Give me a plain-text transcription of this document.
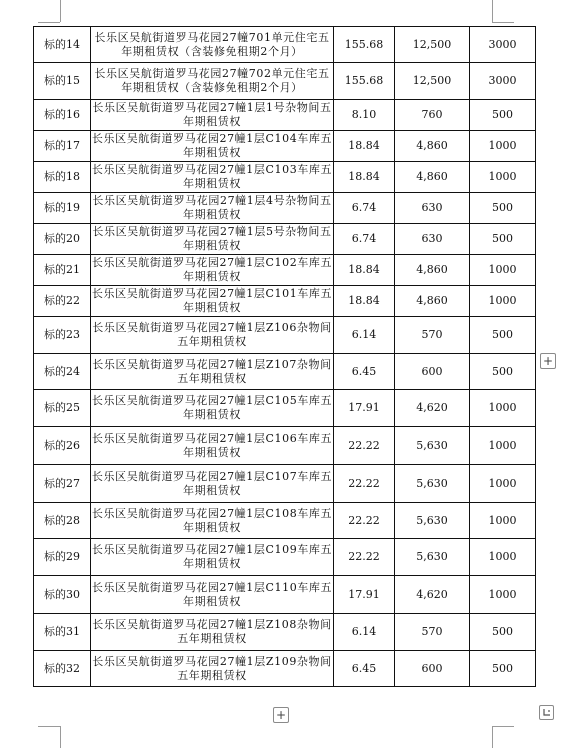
标的14	长乐区吴航街道罗马花园27幢701单元住宅五年期租赁权（含装修免租期2个月）	155.68	12,500	3000
标的15	长乐区吴航街道罗马花园27幢702单元住宅五年期租赁权（含装修免租期2个月）	155.68	12,500	3000
标的16	长乐区吴航街道罗马花园27幢1层1号杂物间五年期租赁权	8.10	760	500
标的17	长乐区吴航街道罗马花园27幢1层C104车库五年期租赁权	18.84	4,860	1000
标的18	长乐区吴航街道罗马花园27幢1层C103车库五年期租赁权	18.84	4,860	1000
标的19	长乐区吴航街道罗马花园27幢1层4号杂物间五年期租赁权	6.74	630	500
标的20	长乐区吴航街道罗马花园27幢1层5号杂物间五年期租赁权	6.74	630	500
标的21	长乐区吴航街道罗马花园27幢1层C102车库五年期租赁权	18.84	4,860	1000
标的22	长乐区吴航街道罗马花园27幢1层C101车库五年期租赁权	18.84	4,860	1000
标的23	长乐区吴航街道罗马花园27幢1层Z106杂物间五年期租赁权	6.14	570	500
标的24	长乐区吴航街道罗马花园27幢1层Z107杂物间五年期租赁权	6.45	600	500
标的25	长乐区吴航街道罗马花园27幢1层C105车库五年期租赁权	17.91	4,620	1000
标的26	长乐区吴航街道罗马花园27幢1层C106车库五年期租赁权	22.22	5,630	1000
标的27	长乐区吴航街道罗马花园27幢1层C107车库五年期租赁权	22.22	5,630	1000
标的28	长乐区吴航街道罗马花园27幢1层C108车库五年期租赁权	22.22	5,630	1000
标的29	长乐区吴航街道罗马花园27幢1层C109车库五年期租赁权	22.22	5,630	1000
标的30	长乐区吴航街道罗马花园27幢1层C110车库五年期租赁权	17.91	4,620	1000
标的31	长乐区吴航街道罗马花园27幢1层Z108杂物间五年期租赁权	6.14	570	500
标的32	长乐区吴航街道罗马花园27幢1层Z109杂物间五年期租赁权	6.45	600	500
+
+
